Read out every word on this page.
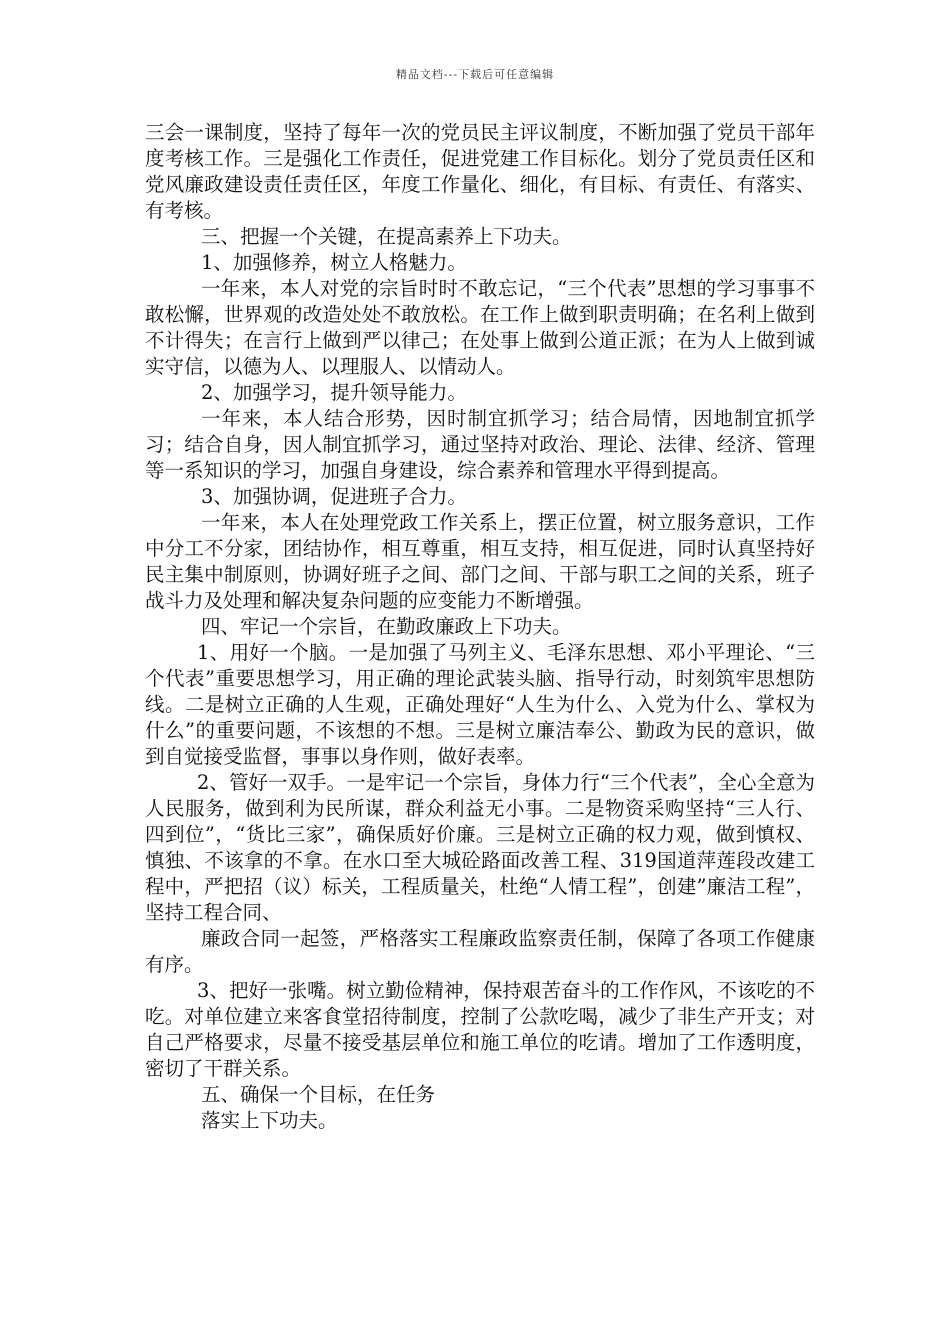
精品文档---下载后可任意编辑

三会一课制度，坚持了每年一次的党员民主评议制度，不断加强了党员干部年度考核工作。三是强化工作责任，促进党建工作目标化。划分了党员责任区和党风廉政建设责任责任区，年度工作量化、细化，有目标、有责任、有落实、有考核。

三、把握一个关键，在提高素养上下功夫。

1、加强修养，树立人格魅力。

一年来，本人对党的宗旨时时不敢忘记，“三个代表”思想的学习事事不敢松懈，世界观的改造处处不敢放松。在工作上做到职责明确；在名利上做到不计得失；在言行上做到严以律己；在处事上做到公道正派；在为人上做到诚实守信，以德为人、以理服人、以情动人。

2、加强学习，提升领导能力。

一年来，本人结合形势，因时制宜抓学习；结合局情，因地制宜抓学习；结合自身，因人制宜抓学习，通过坚持对政治、理论、法律、经济、管理等一系知识的学习，加强自身建设，综合素养和管理水平得到提高。

3、加强协调，促进班子合力。

一年来，本人在处理党政工作关系上，摆正位置，树立服务意识，工作中分工不分家，团结协作，相互尊重，相互支持，相互促进，同时认真坚持好民主集中制原则，协调好班子之间、部门之间、干部与职工之间的关系，班子战斗力及处理和解决复杂问题的应变能力不断增强。

四、牢记一个宗旨，在勤政廉政上下功夫。

1、用好一个脑。一是加强了马列主义、毛泽东思想、邓小平理论、“三个代表”重要思想学习，用正确的理论武装头脑、指导行动，时刻筑牢思想防线。二是树立正确的人生观，正确处理好“人生为什么、入党为什么、掌权为什么”的重要问题，不该想的不想。三是树立廉洁奉公、勤政为民的意识，做到自觉接受监督，事事以身作则，做好表率。

2、管好一双手。一是牢记一个宗旨，身体力行“三个代表”，全心全意为人民服务，做到利为民所谋，群众利益无小事。二是物资采购坚持“三人行、四到位”，“货比三家”，确保质好价廉。三是树立正确的权力观，做到慎权、慎独、不该拿的不拿。在水口至大城砼路面改善工程、319国道萍莲段改建工程中，严把招（议）标关，工程质量关，杜绝“人情工程”，创建”廉洁工程”，坚持工程合同、

廉政合同一起签，严格落实工程廉政监察责任制，保障了各项工作健康有序。

3、把好一张嘴。树立勤俭精神，保持艰苦奋斗的工作作风，不该吃的不吃。对单位建立来客食堂招待制度，控制了公款吃喝，减少了非生产开支；对自己严格要求，尽量不接受基层单位和施工单位的吃请。增加了工作透明度，密切了干群关系。

五、确保一个目标，在任务

落实上下功夫。
